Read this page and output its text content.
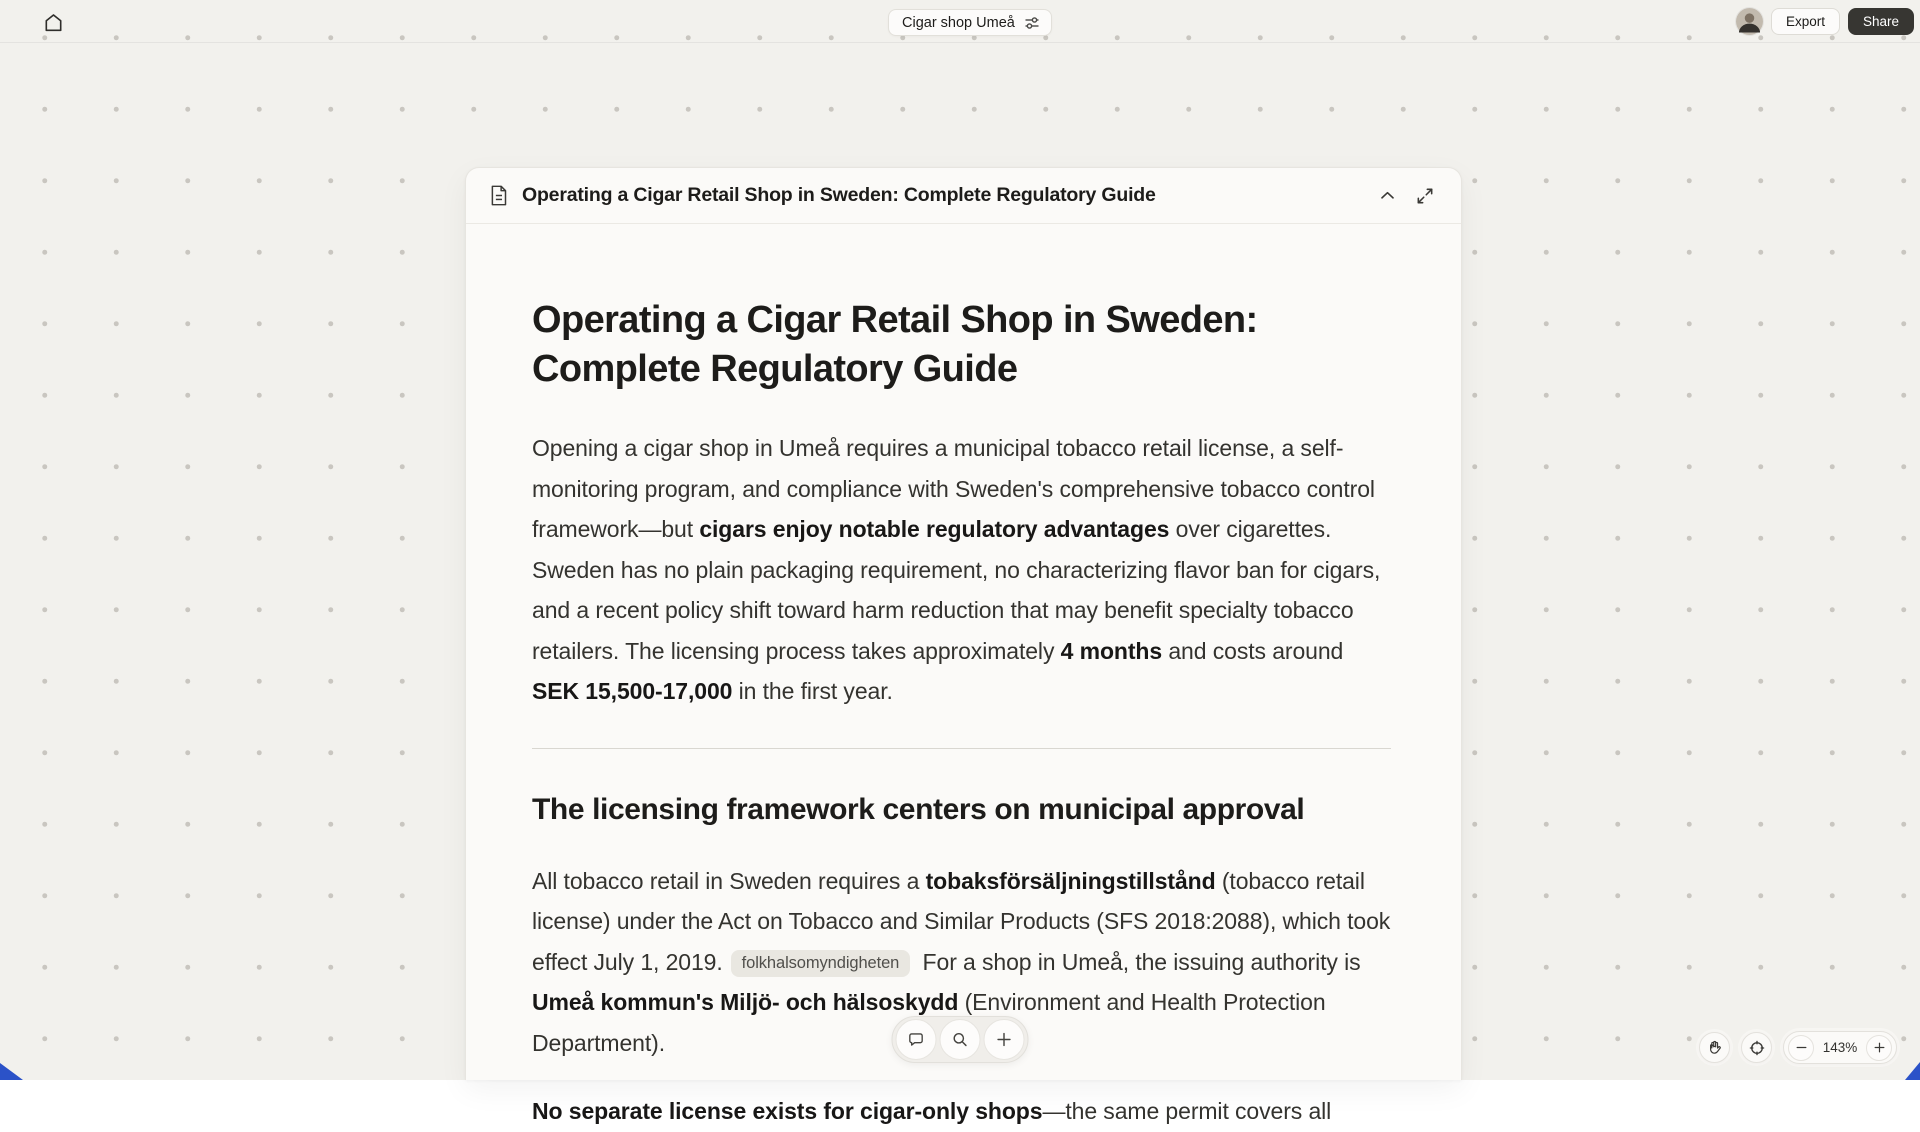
Cigar shop Umeå	Export	Share
Operating a Cigar Retail Shop in Sweden: Complete Regulatory Guide
Operating a Cigar Retail Shop in Sweden: Complete Regulatory Guide

Opening a cigar shop in Umeå requires a municipal tobacco retail license, a self-monitoring program, and compliance with Sweden's comprehensive tobacco control framework—but cigars enjoy notable regulatory advantages over cigarettes. Sweden has no plain packaging requirement, no characterizing flavor ban for cigars, and a recent policy shift toward harm reduction that may benefit specialty tobacco retailers. The licensing process takes approximately 4 months and costs around SEK 15,500-17,000 in the first year.

The licensing framework centers on municipal approval

All tobacco retail in Sweden requires a tobaksförsäljningstillstånd (tobacco retail license) under the Act on Tobacco and Similar Products (SFS 2018:2088), which took effect July 1, 2019. folkhalsomyndigheten For a shop in Umeå, the issuing authority is Umeå kommun's Miljö- och hälsoskydd (Environment and Health Protection Department).

No separate license exists for cigar-only shops—the same permit covers all

143%
